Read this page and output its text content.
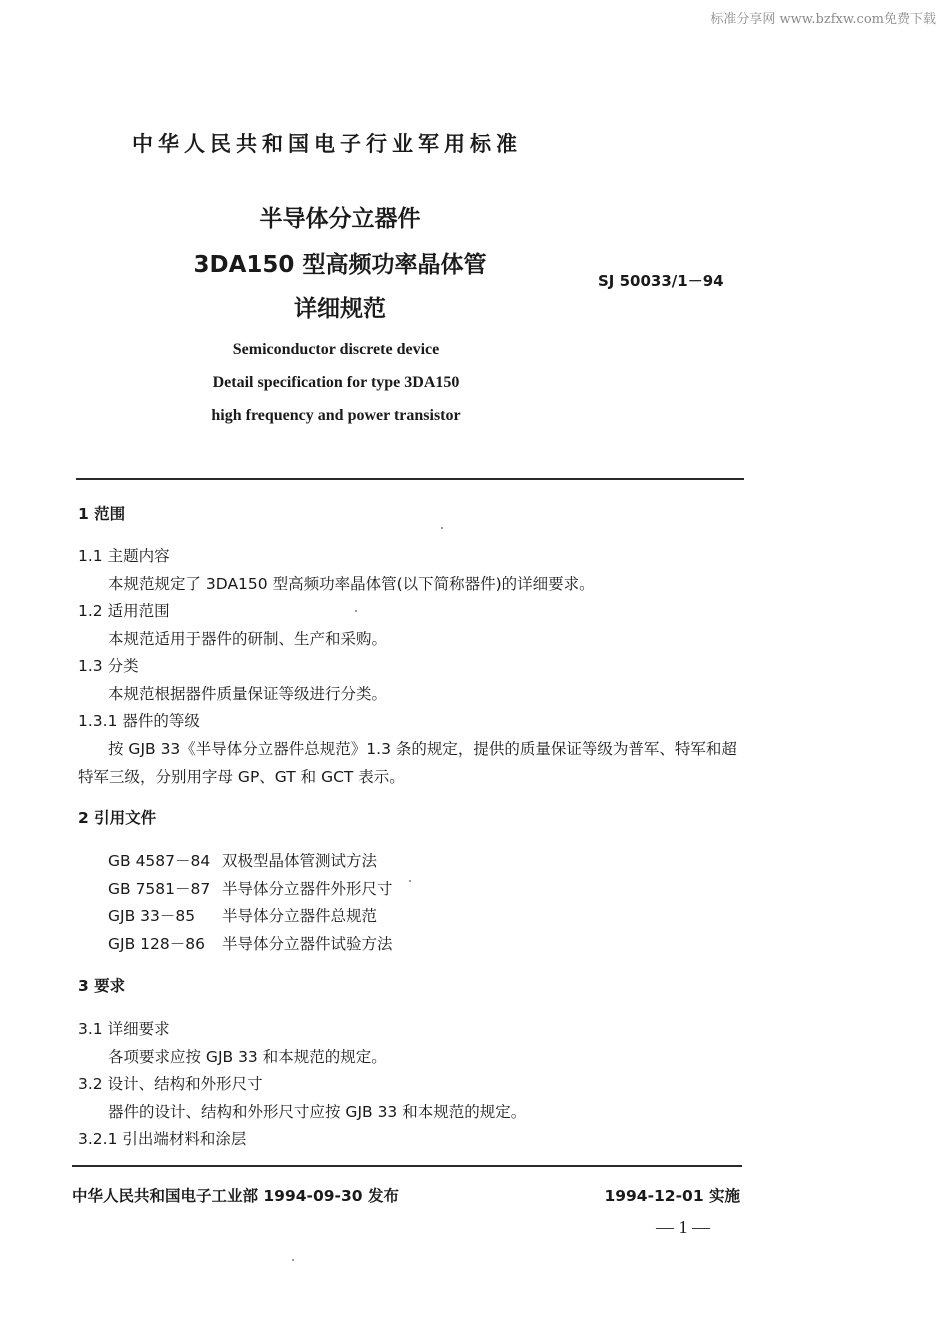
标准分享网 www.bzfxw.com免费下载
中华人民共和国电子行业军用标准
半导体分立器件
3DA150 型高频功率晶体管
详细规范
SJ 50033/1－94
Semiconductor discrete device
Detail specification for type 3DA150
high frequency and power transistor
1 范围
1.1 主题内容
本规范规定了 3DA150 型高频功率晶体管(以下简称器件)的详细要求。
1.2 适用范围
本规范适用于器件的研制、生产和采购。
1.3 分类
本规范根据器件质量保证等级进行分类。
1.3.1 器件的等级
按 GJB 33《半导体分立器件总规范》1.3 条的规定，提供的质量保证等级为普军、特军和超
特军三级，分别用字母 GP、GT 和 GCT 表示。
2 引用文件
GB 4587－84 双极型晶体管测试方法
GB 7581－87 半导体分立器件外形尺寸
GJB 33－85 半导体分立器件总规范
GJB 128－86 半导体分立器件试验方法
3 要求
3.1 详细要求
各项要求应按 GJB 33 和本规范的规定。
3.2 设计、结构和外形尺寸
器件的设计、结构和外形尺寸应按 GJB 33 和本规范的规定。
3.2.1 引出端材料和涂层
中华人民共和国电子工业部 1994-09-30 发布	1994-12-01 实施
— 1 —
